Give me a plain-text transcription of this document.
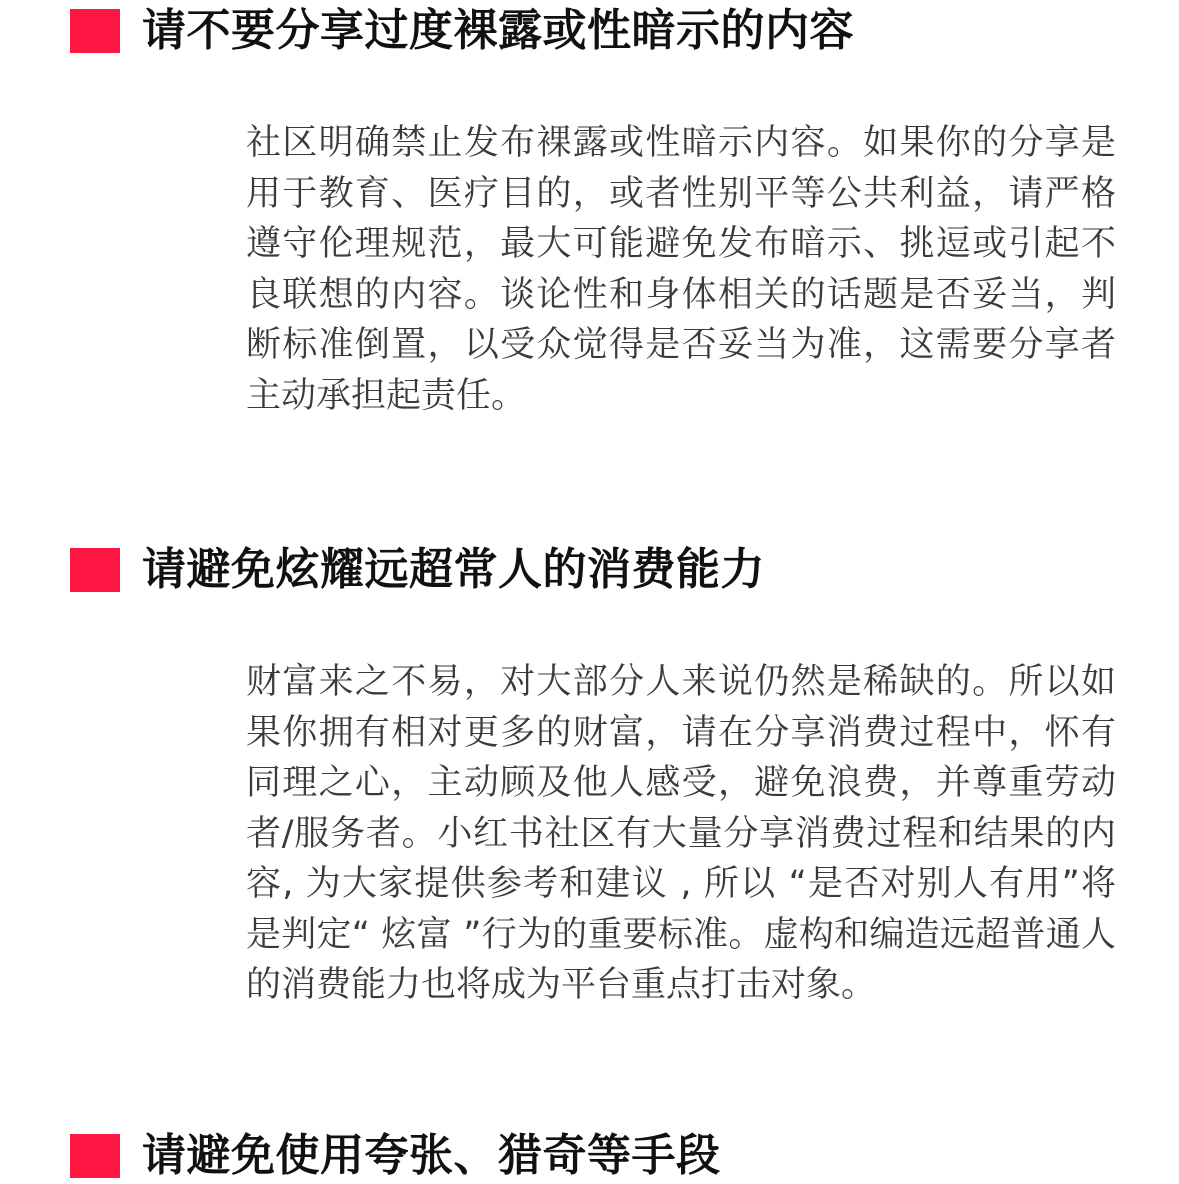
请不要分享过度裸露或性暗示的内容

社区明确禁止发布裸露或性暗示内容。如果你的分享是用于教育、医疗目的，或者性别平等公共利益，请严格遵守伦理规范，最大可能避免发布暗示、挑逗或引起不良联想的内容。谈论性和身体相关的话题是否妥当，判断标准倒置，以受众觉得是否妥当为准，这需要分享者主动承担起责任。

请避免炫耀远超常人的消费能力

财富来之不易，对大部分人来说仍然是稀缺的。所以如果你拥有相对更多的财富，请在分享消费过程中，怀有同理之心，主动顾及他人感受，避免浪费，并尊重劳动者/服务者。小红书社区有大量分享消费过程和结果的内容, 为大家提供参考和建议 , 所以 “是否对别人有用”将是判定“ 炫富 ”行为的重要标准。虚构和编造远超普通人的消费能力也将成为平台重点打击对象。

请避免使用夸张、猎奇等手段
